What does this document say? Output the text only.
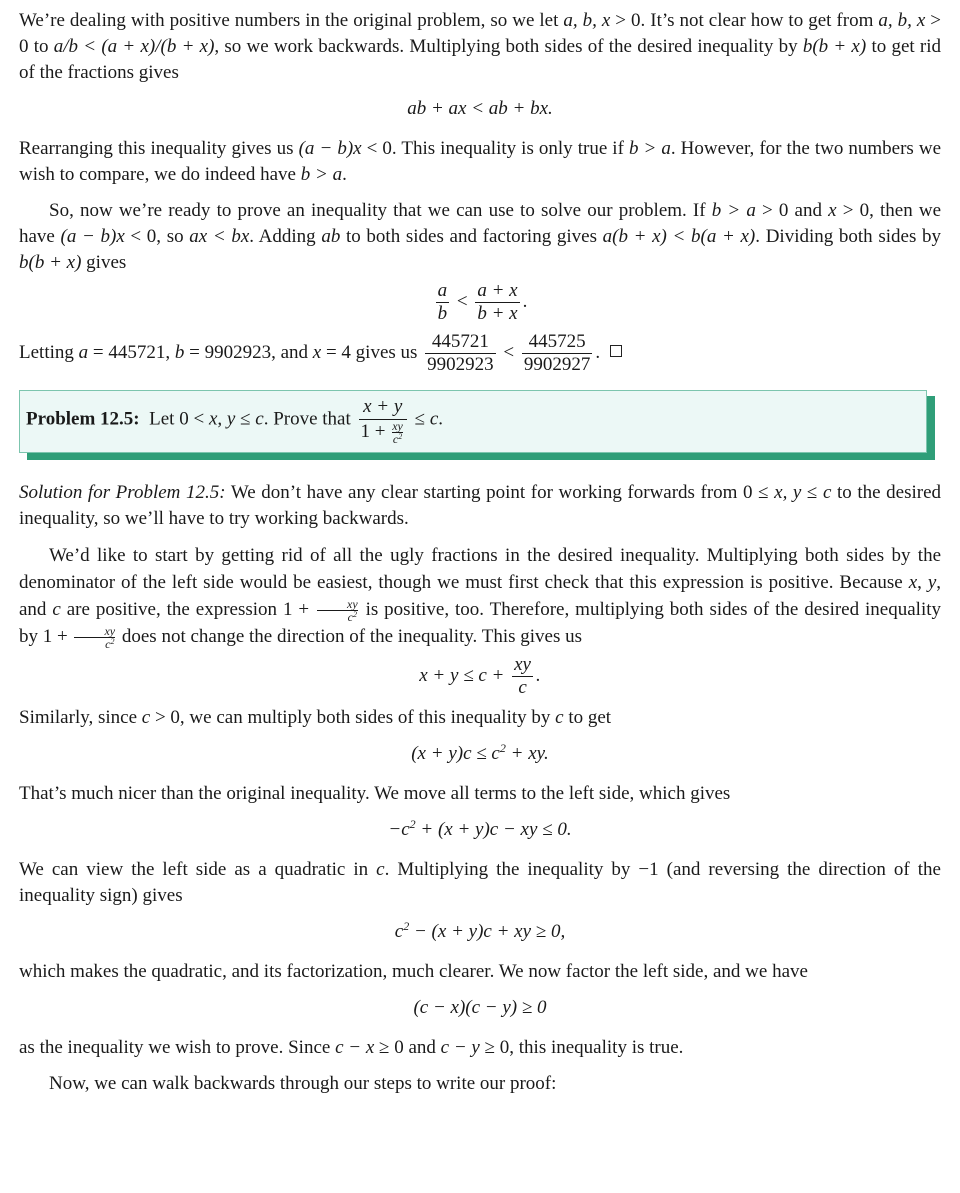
We’re dealing with positive numbers in the original problem, so we let a, b, x > 0. It’s not clear how to get from a, b, x > 0 to a/b < (a + x)/(b + x), so we work backwards. Multiplying both sides of the desired inequality by b(b + x) to get rid of the fractions gives

ab + ax < ab + bx.

Rearranging this inequality gives us (a − b)x < 0. This inequality is only true if b > a. However, for the two numbers we wish to compare, we do indeed have b > a.

So, now we’re ready to prove an inequality that we can use to solve our problem. If b > a > 0 and x > 0, then we have (a − b)x < 0, so ax < bx. Adding ab to both sides and factoring gives a(b + x) < b(a + x). Dividing both sides by b(b + x) gives

$\frac{a}{b} < \frac{a + x}{b + x}$ .
Letting a = 445721, b = 9902923, and x = 4 gives us $\frac{445721}{9902923} < \frac{445725}{9902927}$ .
Problem 12.5: Let 0 < x, y ≤ c. Prove that $\frac{x + y}{1 + \frac{xy}{c^2}} \le c$.

Solution for Problem 12.5: We don’t have any clear starting point for working forwards from 0 ≤ x, y ≤ c to the desired inequality, so we’ll have to try working backwards.

We’d like to start by getting rid of all the ugly fractions in the desired inequality. Multiplying both sides by the denominator of the left side would be easiest, though we must first check that this expression is positive. Because x, y, and c are positive, the expression $1 + \frac{xy}{c^2}$ is positive, too. Therefore, multiplying both sides of the desired inequality by $1 + \frac{xy}{c^2}$ does not change the direction of the inequality. This gives us

$x + y \le c + \frac{xy}{c}$ .

Similarly, since c > 0, we can multiply both sides of this inequality by c to get

$(x + y)c \le c^2$ + xy.

That’s much nicer than the original inequality. We move all terms to the left side, which gives

$-c^2 + (x + y)c$ − xy ≤ 0.

We can view the left side as a quadratic in c. Multiplying the inequality by −1 (and reversing the direction of the inequality sign) gives

$c^2 - (x + y)c$ + xy ≥ 0,

which makes the quadratic, and its factorization, much clearer. We now factor the left side, and we have

(c − x)(c − y) ≥ 0

as the inequality we wish to prove. Since c − x ≥ 0 and c − y ≥ 0, this inequality is true.

Now, we can walk backwards through our steps to write our proof:
